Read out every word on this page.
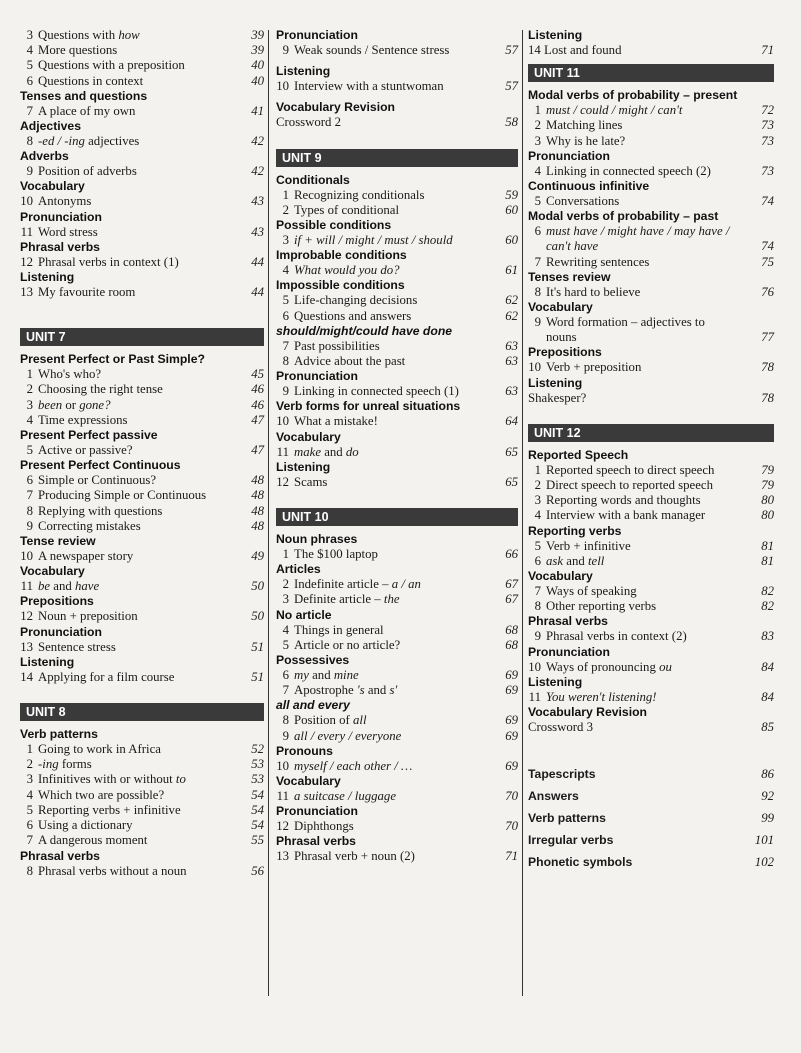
3 Questions with how	39
4 More questions	39
5 Questions with a preposition	40
6 Questions in context	40
Tenses and questions
7 A place of my own	41
Adjectives
8 -ed / -ing adjectives	42
Adverbs
9 Position of adverbs	42
Vocabulary
10 Antonyms	43
Pronunciation
11 Word stress	43
Phrasal verbs
12 Phrasal verbs in context (1)	44
Listening
13 My favourite room	44
UNIT 7
Present Perfect or Past Simple?
1 Who's who?	45
2 Choosing the right tense	46
3 been or gone?	46
4 Time expressions	47
Present Perfect passive
5 Active or passive?	47
Present Perfect Continuous
6 Simple or Continuous?	48
7 Producing Simple or Continuous	48
8 Replying with questions	48
9 Correcting mistakes	48
Tense review
10 A newspaper story	49
Vocabulary
11 be and have	50
Prepositions
12 Noun + preposition	50
Pronunciation
13 Sentence stress	51
Listening
14 Applying for a film course	51
UNIT 8
Verb patterns
1 Going to work in Africa	52
2 -ing forms	53
3 Infinitives with or without to	53
4 Which two are possible?	54
5 Reporting verbs + infinitive	54
6 Using a dictionary	54
7 A dangerous moment	55
Phrasal verbs
8 Phrasal verbs without a noun	56
Pronunciation
9 Weak sounds / Sentence stress	57
Listening
10 Interview with a stuntwoman	57
Vocabulary Revision
Crossword 2	58
UNIT 9
Conditionals
1 Recognizing conditionals	59
2 Types of conditional	60
Possible conditions
3 if + will / might / must / should	60
Improbable conditions
4 What would you do?	61
Impossible conditions
5 Life-changing decisions	62
6 Questions and answers	62
should/might/could have done
7 Past possibilities	63
8 Advice about the past	63
Pronunciation
9 Linking in connected speech (1)	63
Verb forms for unreal situations
10 What a mistake!	64
Vocabulary
11 make and do	65
Listening
12 Scams	65
UNIT 10
Noun phrases
1 The $100 laptop	66
Articles
2 Indefinite article – a / an	67
3 Definite article – the	67
No article
4 Things in general	68
5 Article or no article?	68
Possessives
6 my and mine	69
7 Apostrophe 's and s'	69
all and every
8 Position of all	69
9 all / every / everyone	69
Pronouns
10 myself / each other / …	69
Vocabulary
11 a suitcase / luggage	70
Pronunciation
12 Diphthongs	70
Phrasal verbs
13 Phrasal verb + noun (2)	71
Listening
14 Lost and found	71
UNIT 11
Modal verbs of probability – present
1 must / could / might / can't	72
2 Matching lines	73
3 Why is he late?	73
Pronunciation
4 Linking in connected speech (2)	73
Continuous infinitive
5 Conversations	74
Modal verbs of probability – past
6 must have / might have / may have /
can't have	74
7 Rewriting sentences	75
Tenses review
8 It's hard to believe	76
Vocabulary
9 Word formation – adjectives to
nouns	77
Prepositions
10 Verb + preposition	78
Listening
Shakesper?	78
UNIT 12
Reported Speech
1 Reported speech to direct speech	79
2 Direct speech to reported speech	79
3 Reporting words and thoughts	80
4 Interview with a bank manager	80
Reporting verbs
5 Verb + infinitive	81
6 ask and tell	81
Vocabulary
7 Ways of speaking	82
8 Other reporting verbs	82
Phrasal verbs
9 Phrasal verbs in context (2)	83
Pronunciation
10 Ways of pronouncing ou	84
Listening
11 You weren't listening!	84
Vocabulary Revision
Crossword 3	85
Tapescripts	86
Answers	92
Verb patterns	99
Irregular verbs	101
Phonetic symbols	102
